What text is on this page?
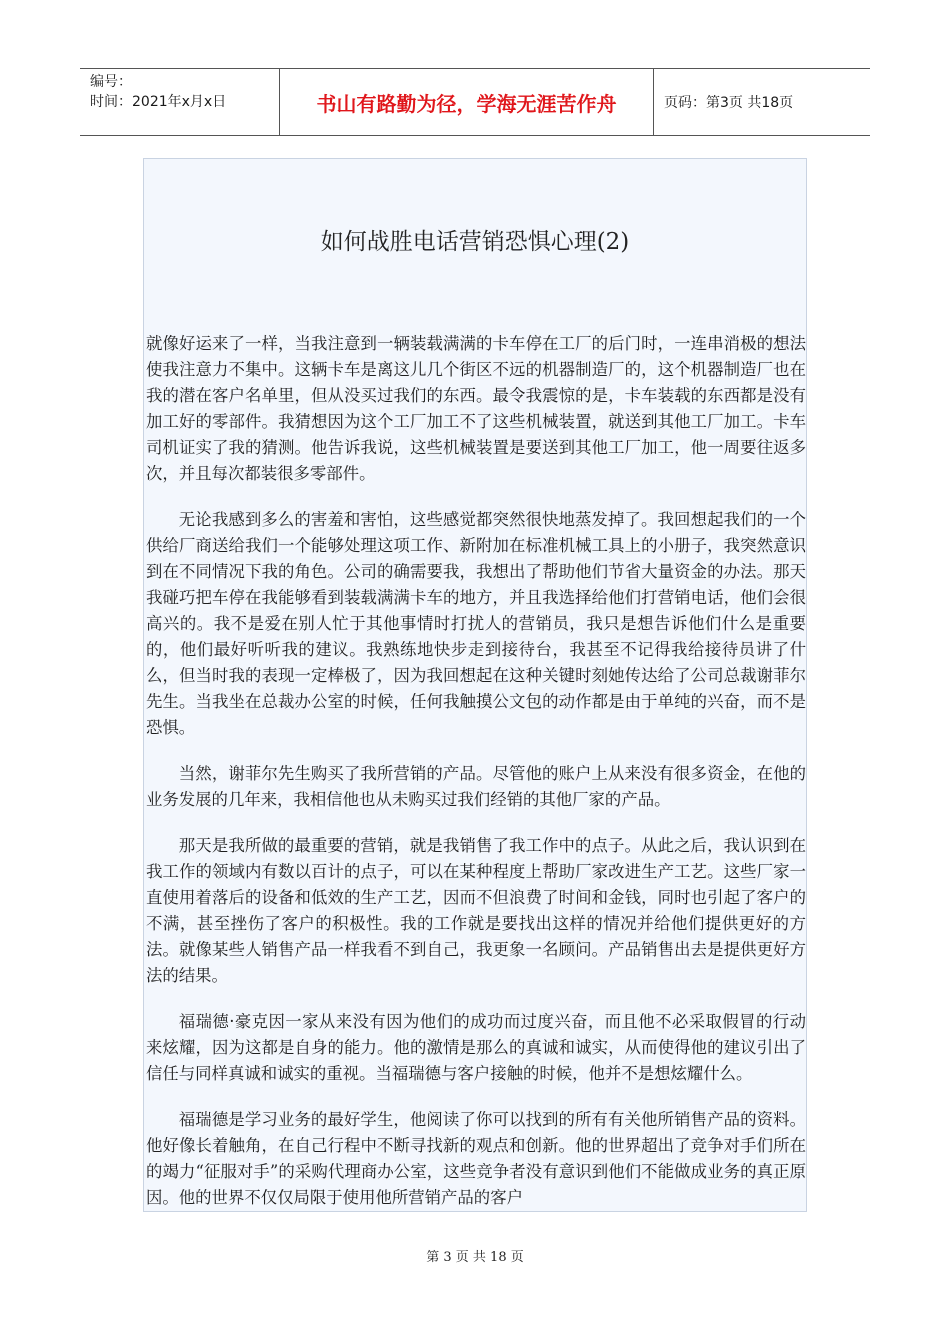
编号：
时间：2021年x月x日	书山有路勤为径，学海无涯苦作舟	页码：第3页 共18页
如何战胜电话营销恐惧心理(2)

就像好运来了一样，当我注意到一辆装载满满的卡车停在工厂的后门时，一连串消极的想法使我注意力不集中。这辆卡车是离这儿几个街区不远的机器制造厂的，这个机器制造厂也在我的潜在客户名单里，但从没买过我们的东西。最令我震惊的是，卡车装载的东西都是没有加工好的零部件。我猜想因为这个工厂加工不了这些机械装置，就送到其他工厂加工。卡车司机证实了我的猜测。他告诉我说，这些机械装置是要送到其他工厂加工，他一周要往返多次，并且每次都装很多零部件。

无论我感到多么的害羞和害怕，这些感觉都突然很快地蒸发掉了。我回想起我们的一个供给厂商送给我们一个能够处理这项工作、新附加在标准机械工具上的小册子，我突然意识到在不同情况下我的角色。公司的确需要我，我想出了帮助他们节省大量资金的办法。那天我碰巧把车停在我能够看到装载满满卡车的地方，并且我选择给他们打营销电话，他们会很高兴的。我不是爱在别人忙于其他事情时打扰人的营销员，我只是想告诉他们什么是重要的，他们最好听听我的建议。我熟练地快步走到接待台，我甚至不记得我给接待员讲了什么，但当时我的表现一定棒极了，因为我回想起在这种关键时刻她传达给了公司总裁谢菲尔先生。当我坐在总裁办公室的时候，任何我触摸公文包的动作都是由于单纯的兴奋，而不是恐惧。

当然，谢菲尔先生购买了我所营销的产品。尽管他的账户上从来没有很多资金，在他的业务发展的几年来，我相信他也从未购买过我们经销的其他厂家的产品。

那天是我所做的最重要的营销，就是我销售了我工作中的点子。从此之后，我认识到在我工作的领域内有数以百计的点子，可以在某种程度上帮助厂家改进生产工艺。这些厂家一直使用着落后的设备和低效的生产工艺，因而不但浪费了时间和金钱，同时也引起了客户的不满，甚至挫伤了客户的积极性。我的工作就是要找出这样的情况并给他们提供更好的方法。就像某些人销售产品一样我看不到自己，我更象一名顾问。产品销售出去是提供更好方法的结果。

福瑞德·豪克因一家从来没有因为他们的成功而过度兴奋，而且他不必采取假冒的行动来炫耀，因为这都是自身的能力。他的激情是那么的真诚和诚实，从而使得他的建议引出了信任与同样真诚和诚实的重视。当福瑞德与客户接触的时候，他并不是想炫耀什么。

福瑞德是学习业务的最好学生，他阅读了你可以找到的所有有关他所销售产品的资料。他好像长着触角，在自己行程中不断寻找新的观点和创新。他的世界超出了竞争对手们所在的竭力“征服对手”的采购代理商办公室，这些竞争者没有意识到他们不能做成业务的真正原因。他的世界不仅仅局限于使用他所营销产品的客户

第 3 页 共 18 页
